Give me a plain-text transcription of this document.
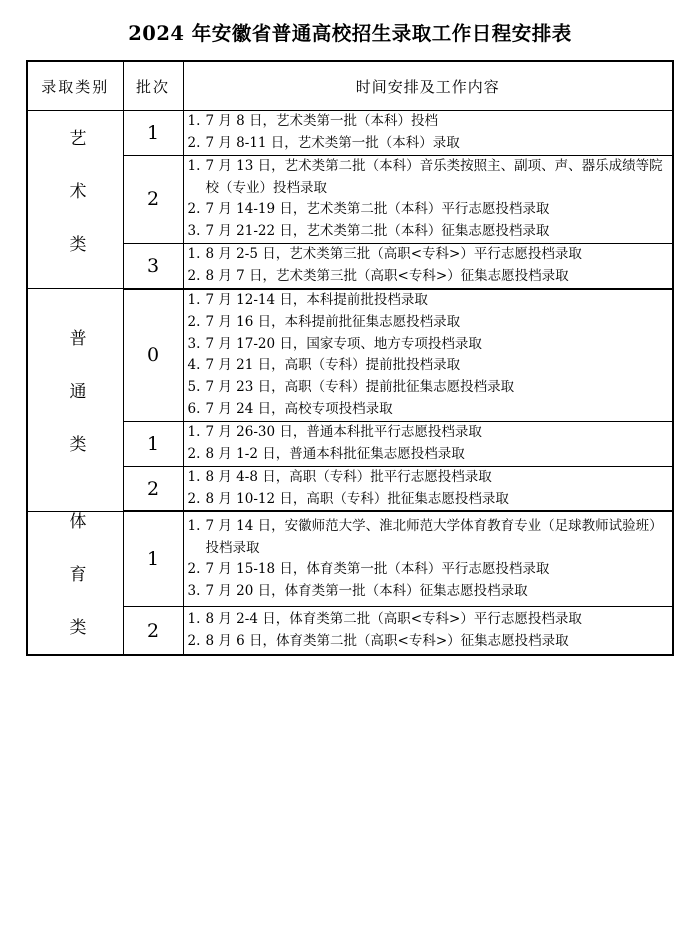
2024 年安徽省普通高校招生录取工作日程安排表
录取类别	批次	时间安排及工作内容
艺 术 类	1	
1. 7 月 8 日，艺术类第一批（本科）投档
2. 7 月 8-11 日，艺术类第一批（本科）录取

2	
1. 7 月 13 日，艺术类第二批（本科）音乐类按照主、副项、声、器乐成绩等院校（专业）投档录取
2. 7 月 14-19 日，艺术类第二批（本科）平行志愿投档录取
3. 7 月 21-22 日，艺术类第二批（本科）征集志愿投档录取

3	
1. 8 月 2-5 日，艺术类第三批（高职<专科>）平行志愿投档录取
2. 8 月 7 日，艺术类第三批（高职<专科>）征集志愿投档录取

普 通 类	0	
1. 7 月 12-14 日，本科提前批投档录取
2. 7 月 16 日，本科提前批征集志愿投档录取
3. 7 月 17-20 日，国家专项、地方专项投档录取
4. 7 月 21 日，高职（专科）提前批投档录取
5. 7 月 23 日，高职（专科）提前批征集志愿投档录取
6. 7 月 24 日，高校专项投档录取

1	
1. 7 月 26-30 日，普通本科批平行志愿投档录取
2. 8 月 1-2 日，普通本科批征集志愿投档录取

2	
1. 8 月 4-8 日，高职（专科）批平行志愿投档录取
2. 8 月 10-12 日，高职（专科）批征集志愿投档录取

体 育 类	1	
1. 7 月 14 日，安徽师范大学、淮北师范大学体育教育专业（足球教师试验班）投档录取
2. 7 月 15-18 日，体育类第一批（本科）平行志愿投档录取
3. 7 月 20 日，体育类第一批（本科）征集志愿投档录取

2	
1. 8 月 2-4 日，体育类第二批（高职<专科>）平行志愿投档录取
2. 8 月 6 日，体育类第二批（高职<专科>）征集志愿投档录取
